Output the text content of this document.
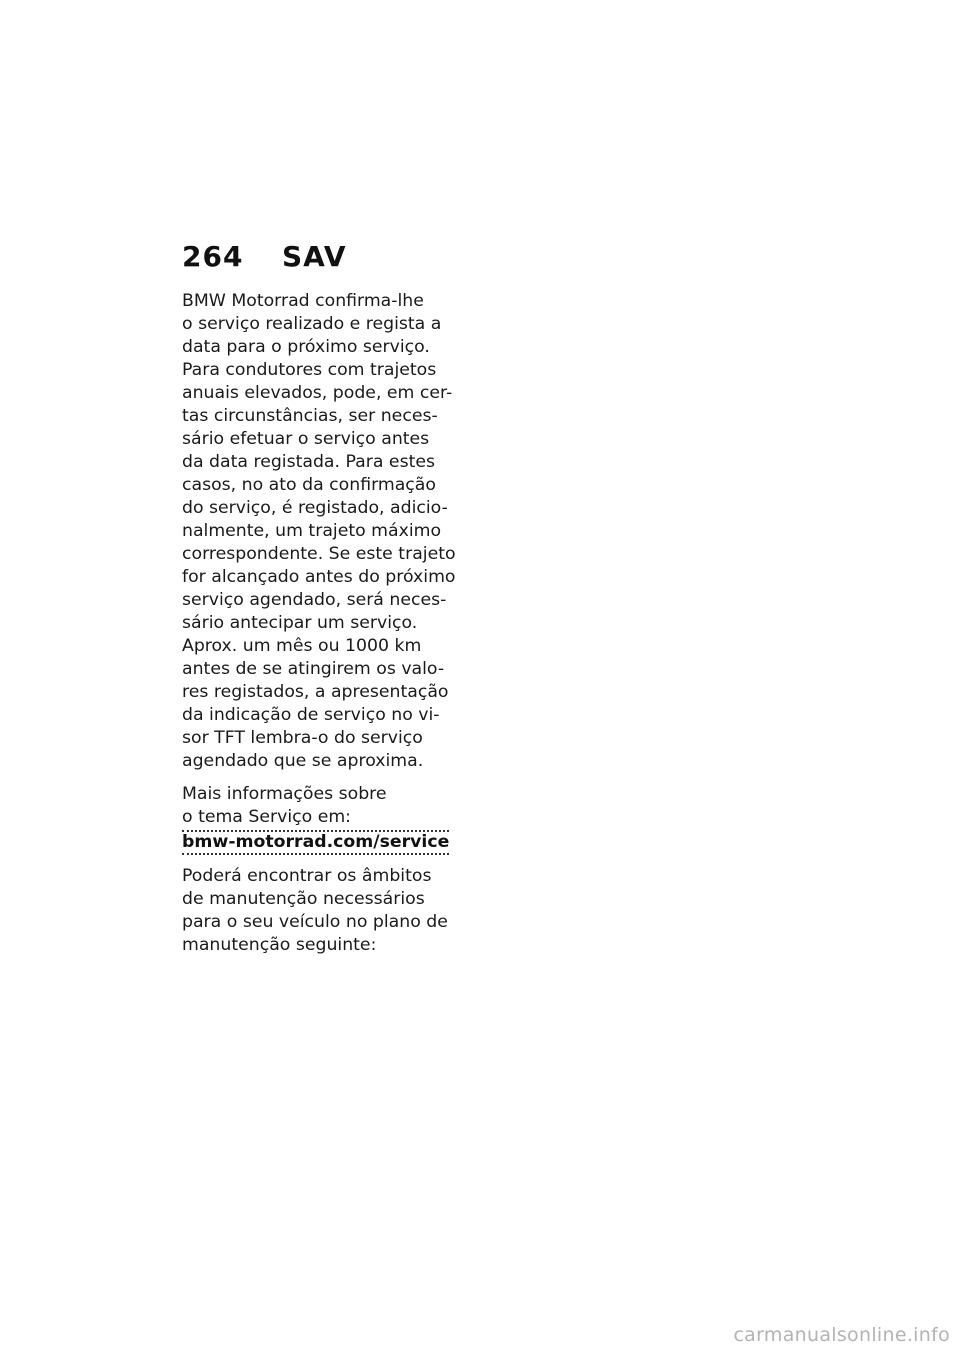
264	SAV

BMW Motorrad confirma-lhe
o serviço realizado e regista a
data para o próximo serviço.
Para condutores com trajetos
anuais elevados, pode, em cer-
tas circunstâncias, ser neces-
sário efetuar o serviço antes
da data registada. Para estes
casos, no ato da confirmação
do serviço, é registado, adicio-
nalmente, um trajeto máximo
correspondente. Se este trajeto
for alcançado antes do próximo
serviço agendado, será neces-
sário antecipar um serviço.
Aprox. um mês ou 1000 km
antes de se atingirem os valo-
res registados, a apresentação
da indicação de serviço no vi-
sor TFT lembra-o do serviço
agendado que se aproxima.

Mais informações sobre
o tema Serviço em:
bmw-motorrad.com/service

Poderá encontrar os âmbitos
de manutenção necessários
para o seu veículo no plano de
manutenção seguinte:

carmanualsonline.info
